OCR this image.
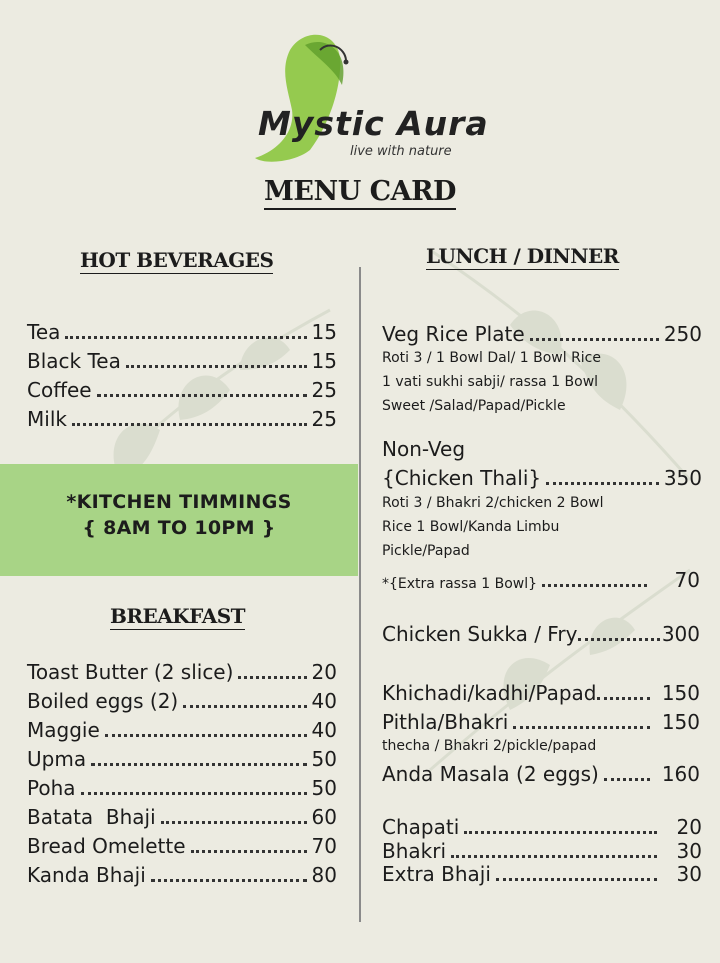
Mystic Aura
live with nature
MENU CARD
HOT BEVERAGES	LUNCH / DINNER
BREAKFAST
Tea	15
Black Tea	15
Coffee	25
Milk	25
*KITCHEN TIMMINGS
{ 8AM TO 10PM }
Toast Butter (2 slice)	20
Boiled eggs (2)	40
Maggie	40
Upma	50
Poha	50
Batata  Bhaji	60
Bread Omelette	70
Kanda Bhaji	80
Veg Rice Plate	250
Roti 3 / 1 Bowl Dal/ 1 Bowl Rice
1 vati sukhi sabji/ rassa 1 Bowl
Sweet /Salad/Papad/Pickle
Non-Veg
{Chicken Thali}	350
Roti 3 / Bhakri 2/chicken 2 Bowl
Rice 1 Bowl/Kanda Limbu
Pickle/Papad
*{Extra rassa 1 Bowl}	70
Chicken Sukka / Fry	300
Khichadi/kadhi/Papad	150
Pithla/Bhakri	150
thecha / Bhakri 2/pickle/papad
Anda Masala (2 eggs)	160
Chapati	20
Bhakri	30
Extra Bhaji	30
